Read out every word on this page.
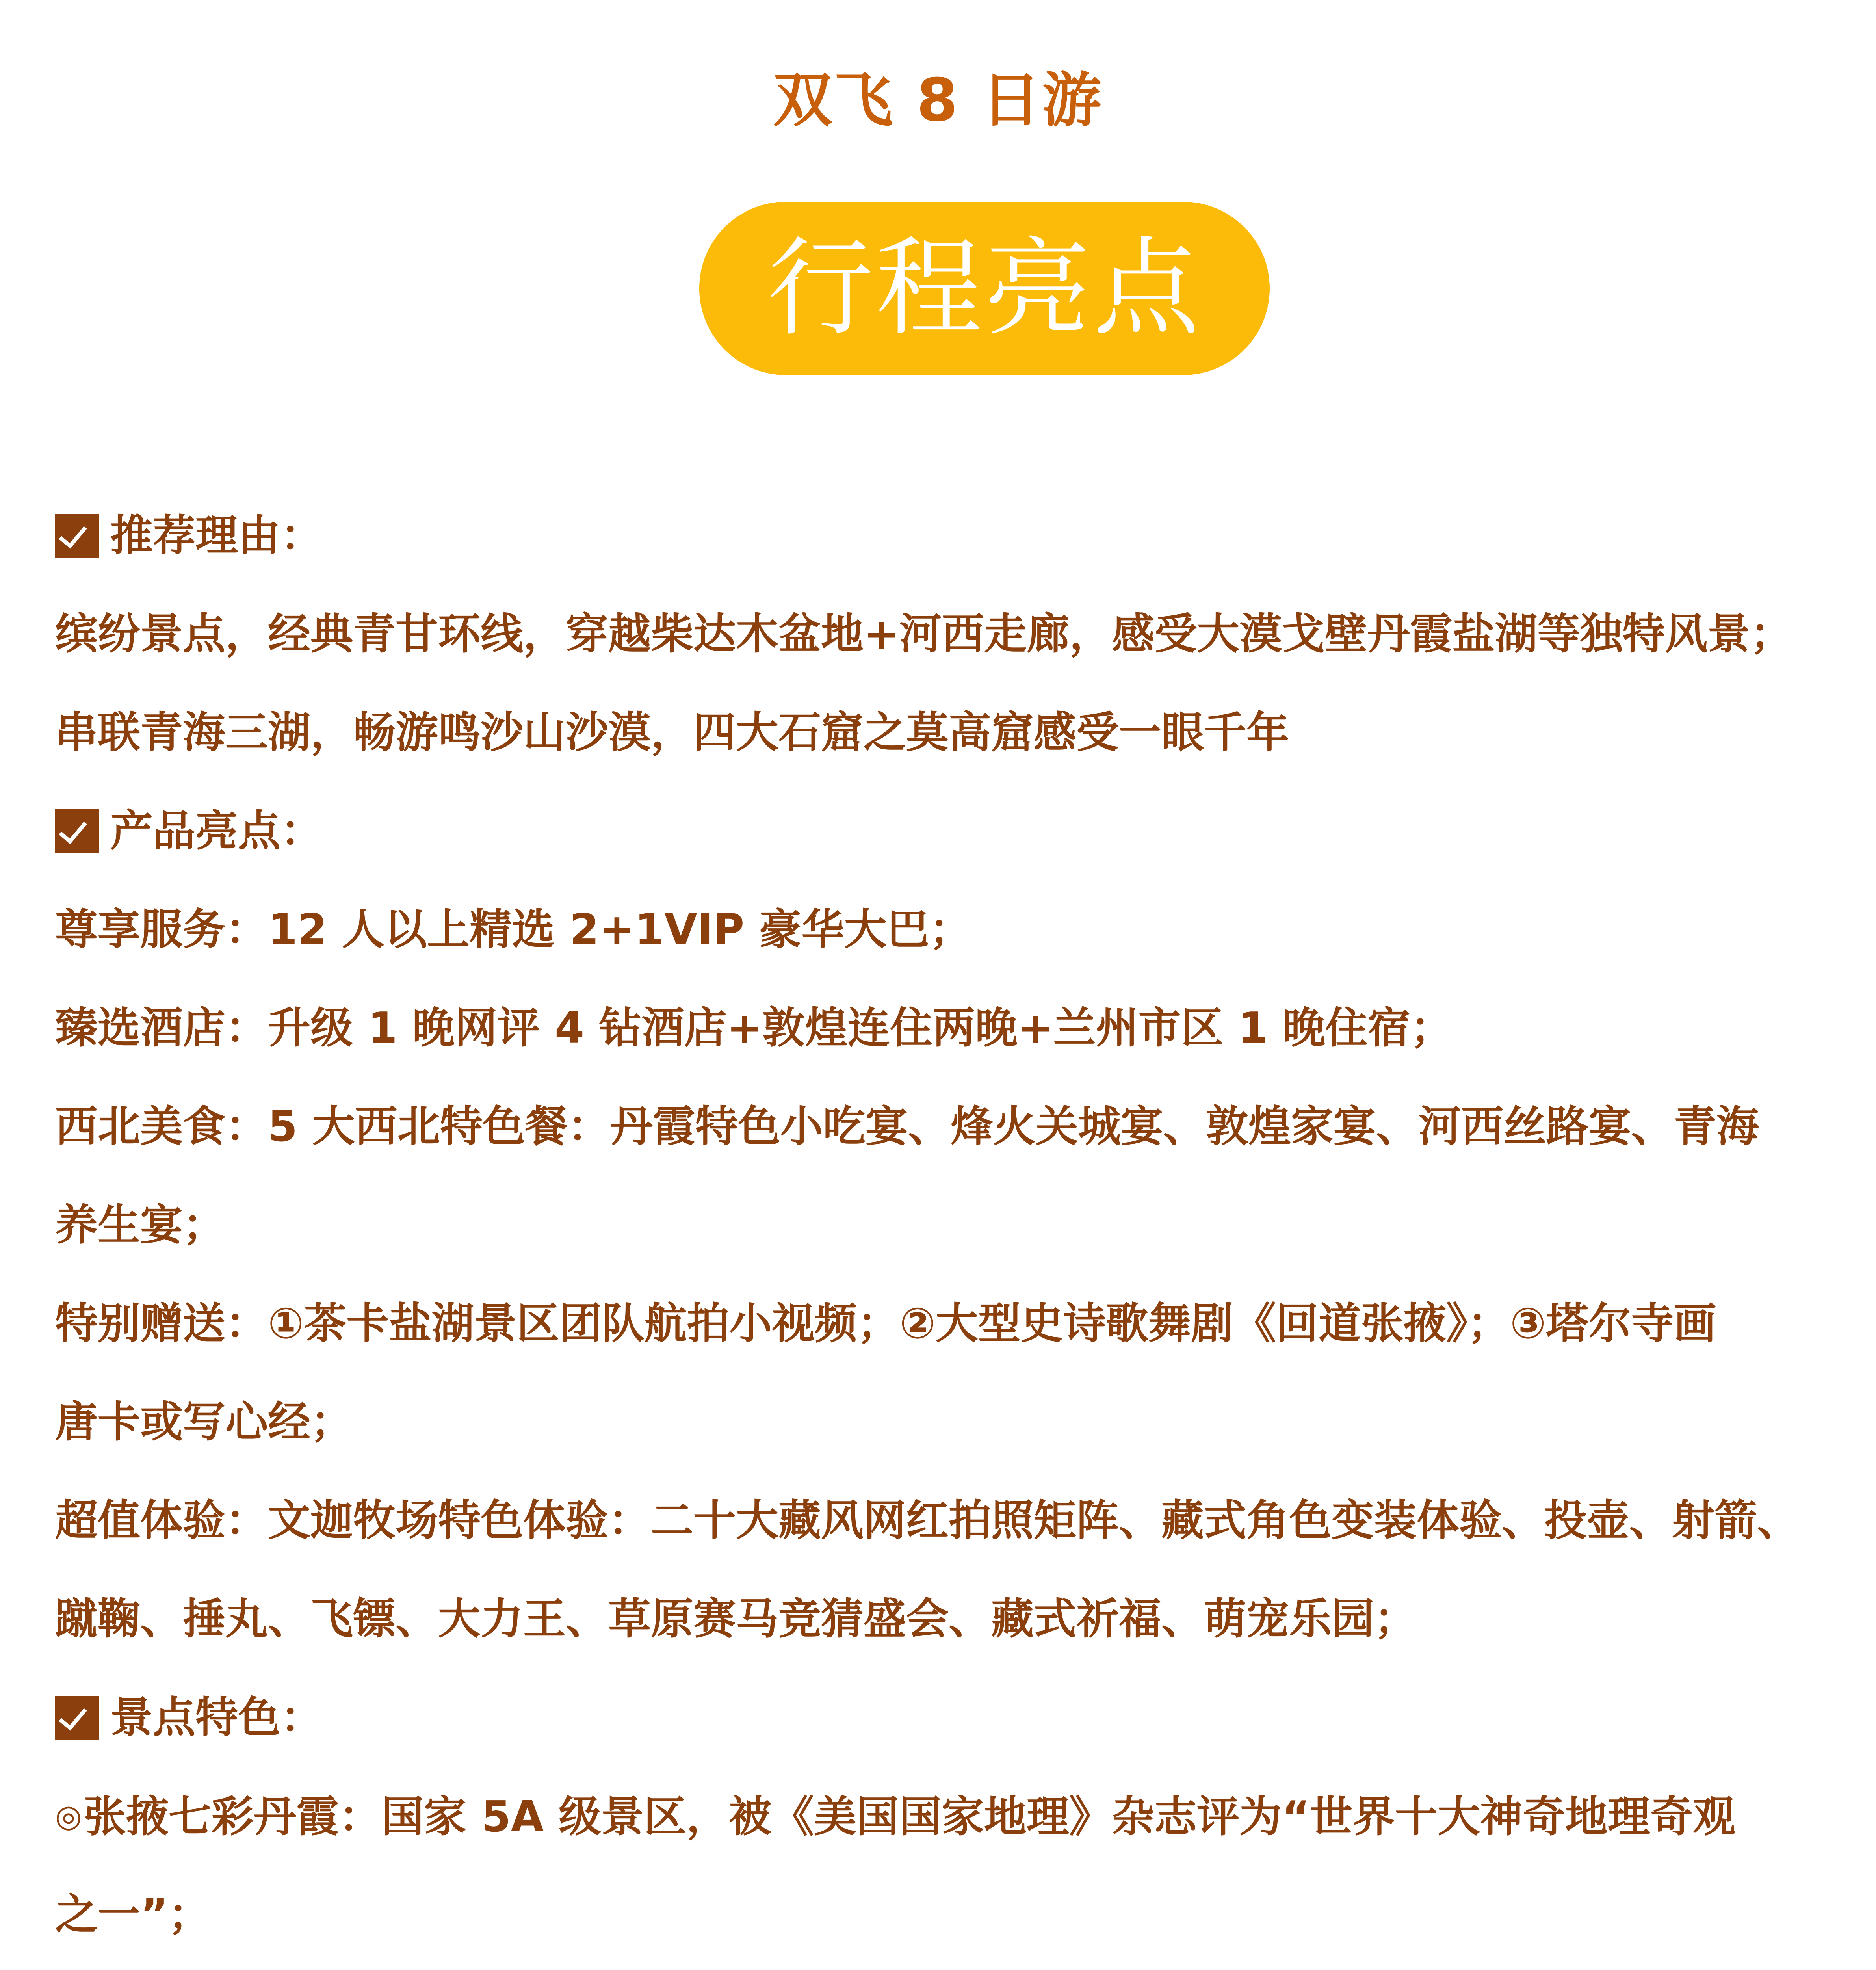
双飞 8 日游
行程亮点
推荐理由：
缤纷景点，经典青甘环线，穿越柴达木盆地+河西走廊，感受大漠戈壁丹霞盐湖等独特风景；
串联青海三湖，畅游鸣沙山沙漠，四大石窟之莫高窟感受一眼千年
产品亮点：
尊享服务：12 人以上精选 2+1VIP 豪华大巴；
臻选酒店：升级 1 晚网评 4 钻酒店+敦煌连住两晚+兰州市区 1 晚住宿；
西北美食：5 大西北特色餐：丹霞特色小吃宴、烽火关城宴、敦煌家宴、河西丝路宴、青海
养生宴；
特别赠送：①茶卡盐湖景区团队航拍小视频；②大型史诗歌舞剧《回道张掖》；③塔尔寺画
唐卡或写心经；
超值体验：文迦牧场特色体验：二十大藏风网红拍照矩阵、藏式角色变装体验、投壶、射箭、
蹴鞠、捶丸、飞镖、大力王、草原赛马竞猜盛会、藏式祈福、萌宠乐园；
景点特色：
◎张掖七彩丹霞：国家 5A 级景区，被《美国国家地理》杂志评为“世界十大神奇地理奇观
之一”；
